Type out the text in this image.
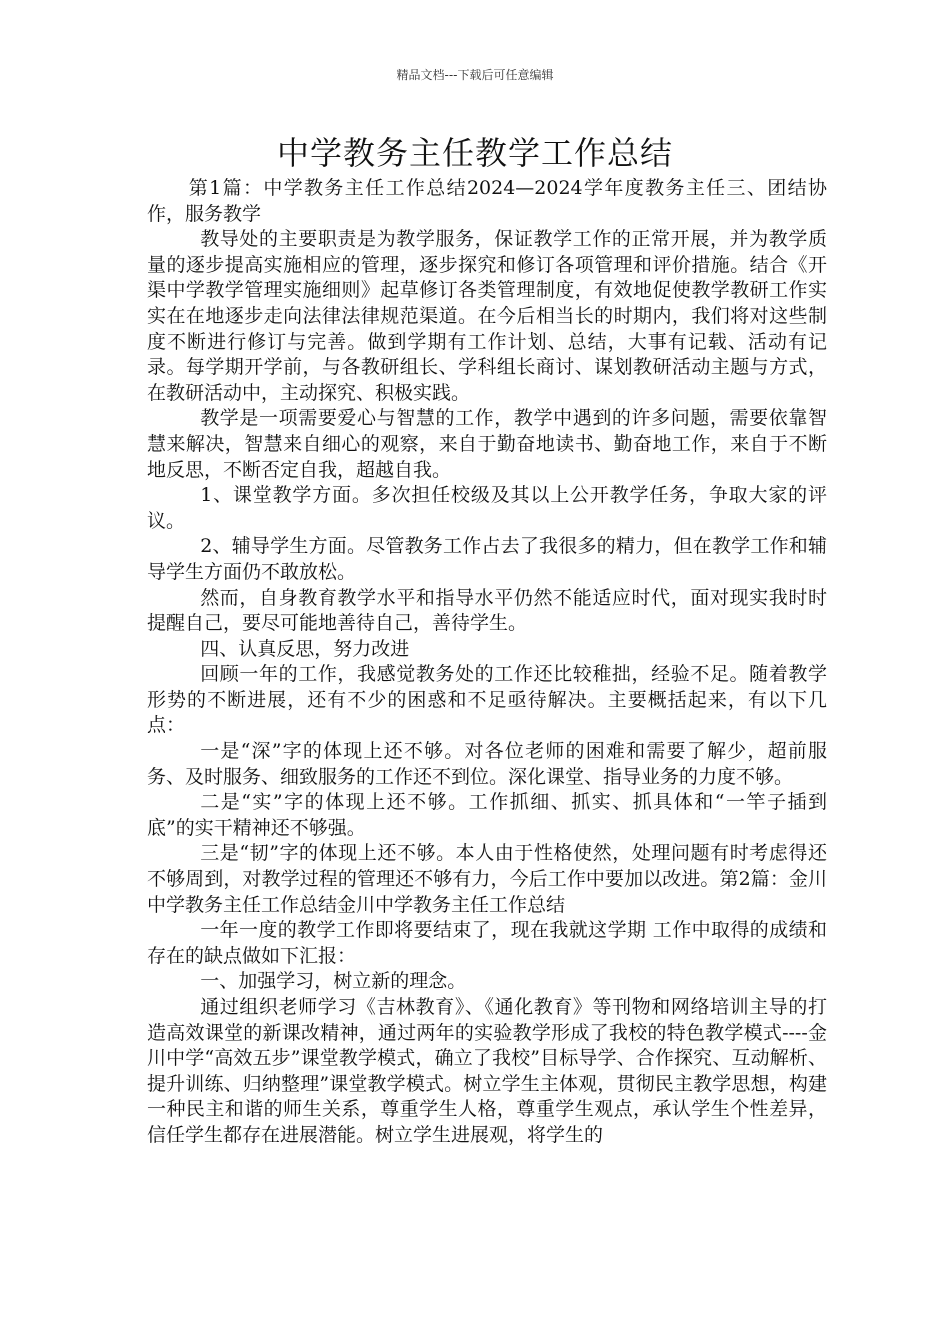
精品文档---下载后可任意编辑
中学教务主任教学工作总结

第1篇：中学教务主任工作总结2024—2024学年度教务主任三、团结协作，服务教学

教导处的主要职责是为教学服务，保证教学工作的正常开展，并为教学质量的逐步提高实施相应的管理，逐步探究和修订各项管理和评价措施。结合《开渠中学教学管理实施细则》起草修订各类管理制度，有效地促使教学教研工作实实在在地逐步走向法律法律规范渠道。在今后相当长的时期内，我们将对这些制度不断进行修订与完善。做到学期有工作计划、总结，大事有记载、活动有记录。每学期开学前，与各教研组长、学科组长商讨、谋划教研活动主题与方式，在教研活动中，主动探究、积极实践。

教学是一项需要爱心与智慧的工作，教学中遇到的许多问题，需要依靠智慧来解决，智慧来自细心的观察，来自于勤奋地读书、勤奋地工作，来自于不断地反思，不断否定自我，超越自我。

1、课堂教学方面。多次担任校级及其以上公开教学任务，争取大家的评议。

2、辅导学生方面。尽管教务工作占去了我很多的精力，但在教学工作和辅导学生方面仍不敢放松。

然而，自身教育教学水平和指导水平仍然不能适应时代，面对现实我时时提醒自己，要尽可能地善待自己，善待学生。

四、认真反思，努力改进

回顾一年的工作，我感觉教务处的工作还比较稚拙，经验不足。随着教学形势的不断进展，还有不少的困惑和不足亟待解决。主要概括起来，有以下几点：

一是“深”字的体现上还不够。对各位老师的困难和需要了解少，超前服务、及时服务、细致服务的工作还不到位。深化课堂、指导业务的力度不够。

二是“实”字的体现上还不够。工作抓细、抓实、抓具体和“一竿子插到底”的实干精神还不够强。

三是“韧”字的体现上还不够。本人由于性格使然，处理问题有时考虑得还不够周到，对教学过程的管理还不够有力，今后工作中要加以改进。第2篇：金川中学教务主任工作总结金川中学教务主任工作总结

一年一度的教学工作即将要结束了，现在我就这学期 工作中取得的成绩和存在的缺点做如下汇报：

一、加强学习，树立新的理念。

通过组织老师学习《吉林教育》、《通化教育》等刊物和网络培训主导的打造高效课堂的新课改精神，通过两年的实验教学形成了我校的特色教学模式----金川中学“高效五步”课堂教学模式，确立了我校”目标导学、合作探究、互动解析、提升训练、归纳整理”课堂教学模式。树立学生主体观，贯彻民主教学思想，构建一种民主和谐的师生关系，尊重学生人格，尊重学生观点，承认学生个性差异，信任学生都存在进展潜能。树立学生进展观，将学生的
